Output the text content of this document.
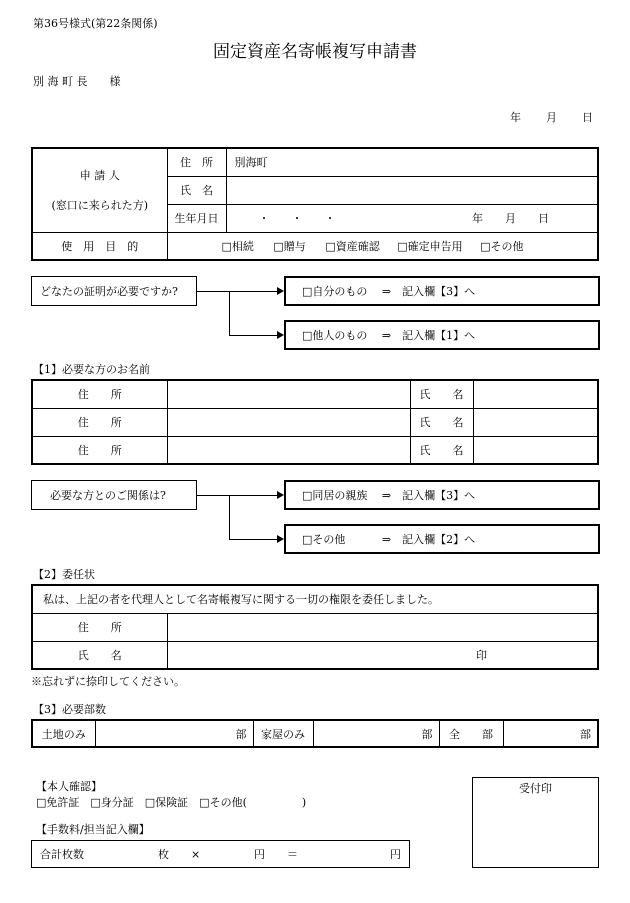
第36号様式(第22条関係)
固定資産名寄帳複写申請書
別 海 町 長　　様
年 月 日
申 請 人
(窓口に来られた方)	住　所	別海町
	氏　名	
	生年月日	・　　・　　・ 年　　月　　日

使　用　目　的	□相続 □贈与 □資産確認 □確定申告用 □その他	
どなたの証明が必要ですか?	□自分のもの　 ⇒　記入欄【3】へ
□他人のもの　 ⇒　記入欄【1】へ
【1】必要な方のお名前
住　　所		氏　　名	
住　　所		氏　　名	
住　　所		氏　　名	
必要な方とのご関係は?	□同居の親族　 ⇒　記入欄【3】へ
□その他　　　 ⇒　記入欄【2】へ
【2】委任状
私は、上記の者を代理人として名寄帳複写に関する一切の権限を委任しました。	
住　　所	
氏　　名	印
※忘れずに捺印してください。
【3】必要部数
土地のみ	部	家屋のみ	部	全　　部	部
【本人確認】
□免許証　□身分証　□保険証　□その他(　　　　　)
受付印
【手数料/担当記入欄】
合計枚数	枚　　×	円　　＝	円
